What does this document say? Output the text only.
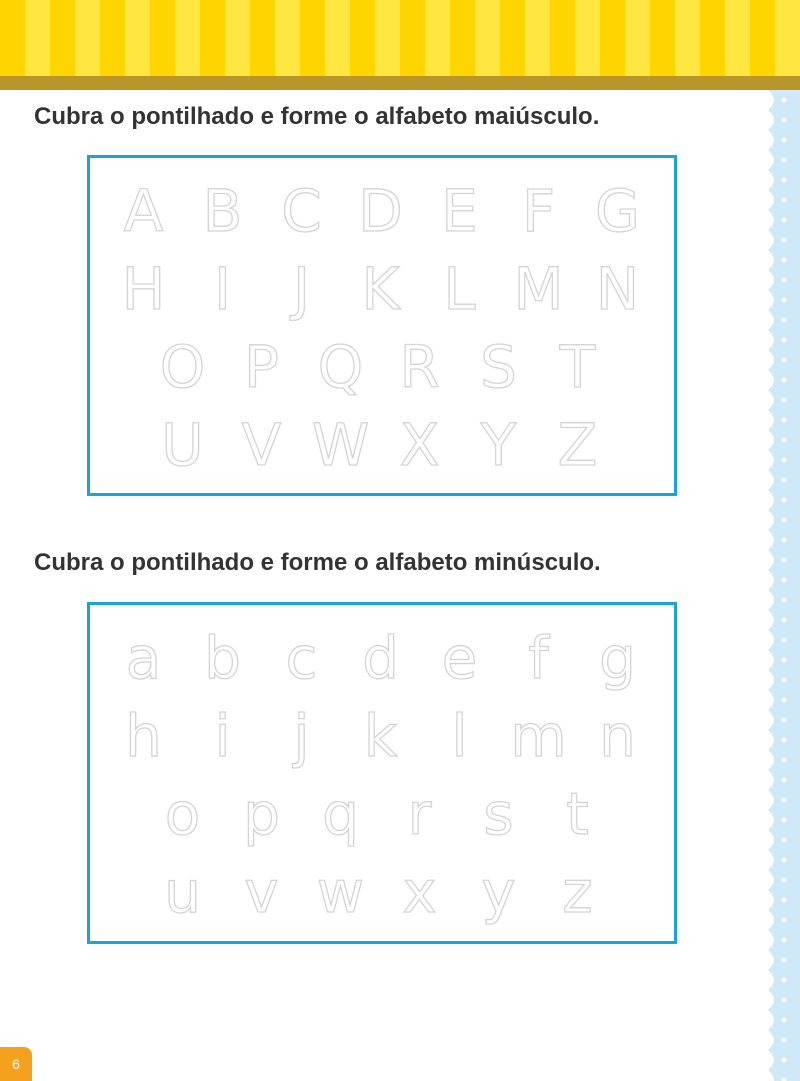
Cubra o pontilhado e forme o alfabeto maiúsculo.
A B C D E F G
H I	J K L M N
O P Q R S T
U V W X Y Z
Cubra o pontilhado e forme o alfabeto minúsculo.
a b c d e f g
h i	j k l m n
o p q r s t
u v w x y z
6
